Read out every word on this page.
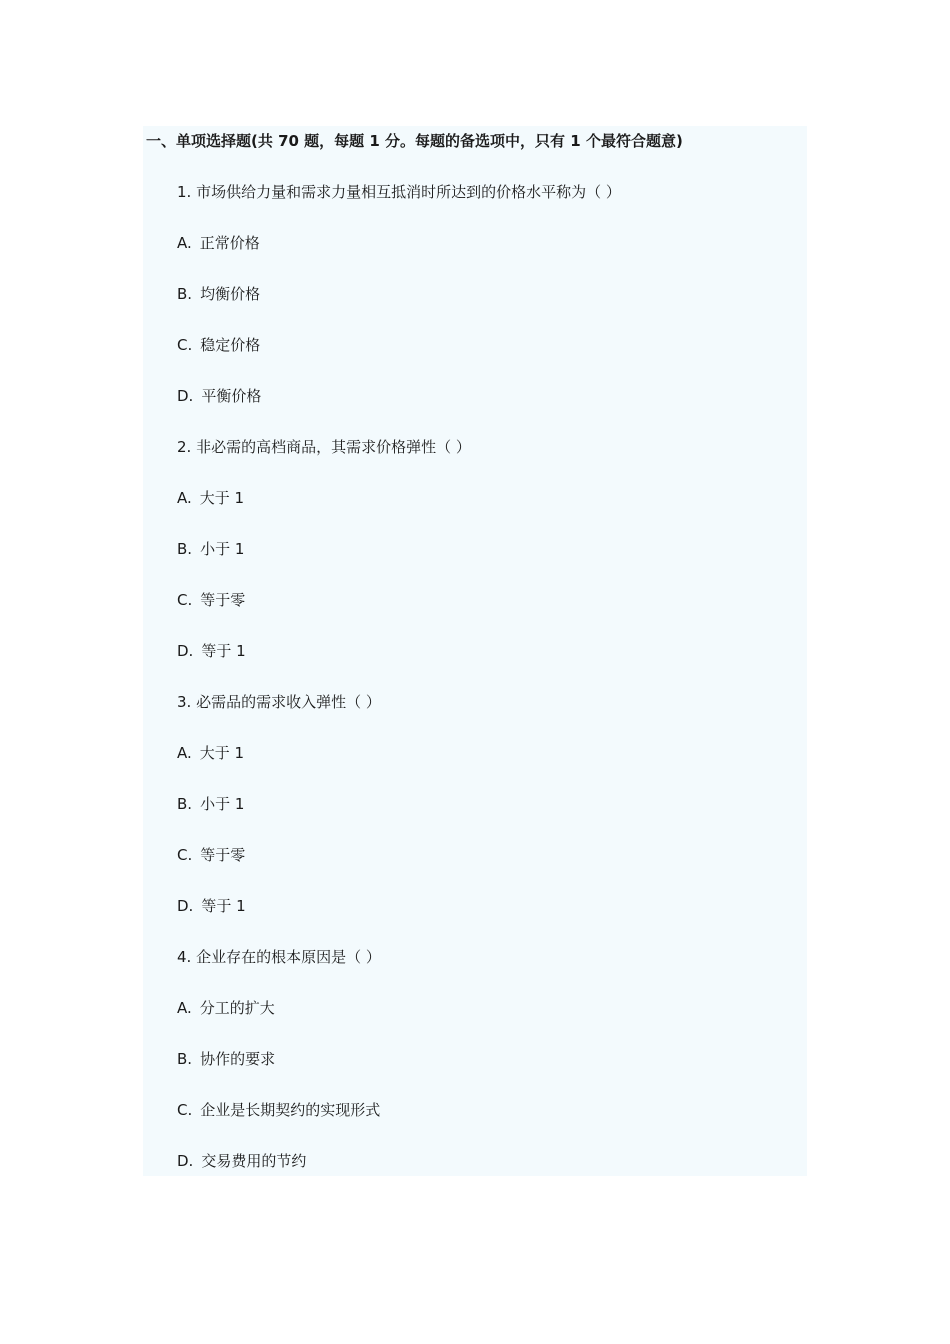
一、单项选择题(共 70 题，每题 1 分。每题的备选项中，只有 1 个最符合题意)
1. 市场供给力量和需求力量相互抵消时所达到的价格水平称为（ ）
A. 正常价格
B. 均衡价格
C. 稳定价格
D. 平衡价格
2. 非必需的高档商品，其需求价格弹性（ ）
A. 大于 1
B. 小于 1
C. 等于零
D. 等于 1
3. 必需品的需求收入弹性（ ）
A. 大于 1
B. 小于 1
C. 等于零
D. 等于 1
4. 企业存在的根本原因是（ ）
A. 分工的扩大
B. 协作的要求
C. 企业是长期契约的实现形式
D. 交易费用的节约
